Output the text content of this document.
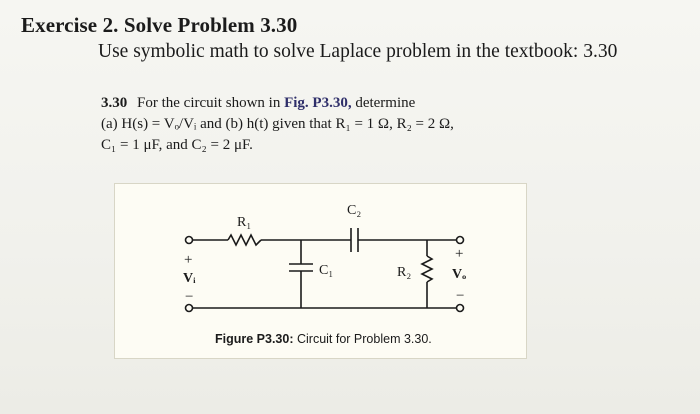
Exercise 2. Solve Problem 3.30
Use symbolic math to solve Laplace problem in the textbook: 3.30
3.30 For the circuit shown in Fig. P3.30, determine
(a) H(s) = Vₒ/Vᵢ and (b) h(t) given that R₁ = 1 Ω, R₂ = 2 Ω,
C₁ = 1 μF, and C₂ = 2 μF.
R₁
C₂
C₁	R₂
+
Vᵢ
−
+
Vₒ
−
Figure P3.30: Circuit for Problem 3.30.
